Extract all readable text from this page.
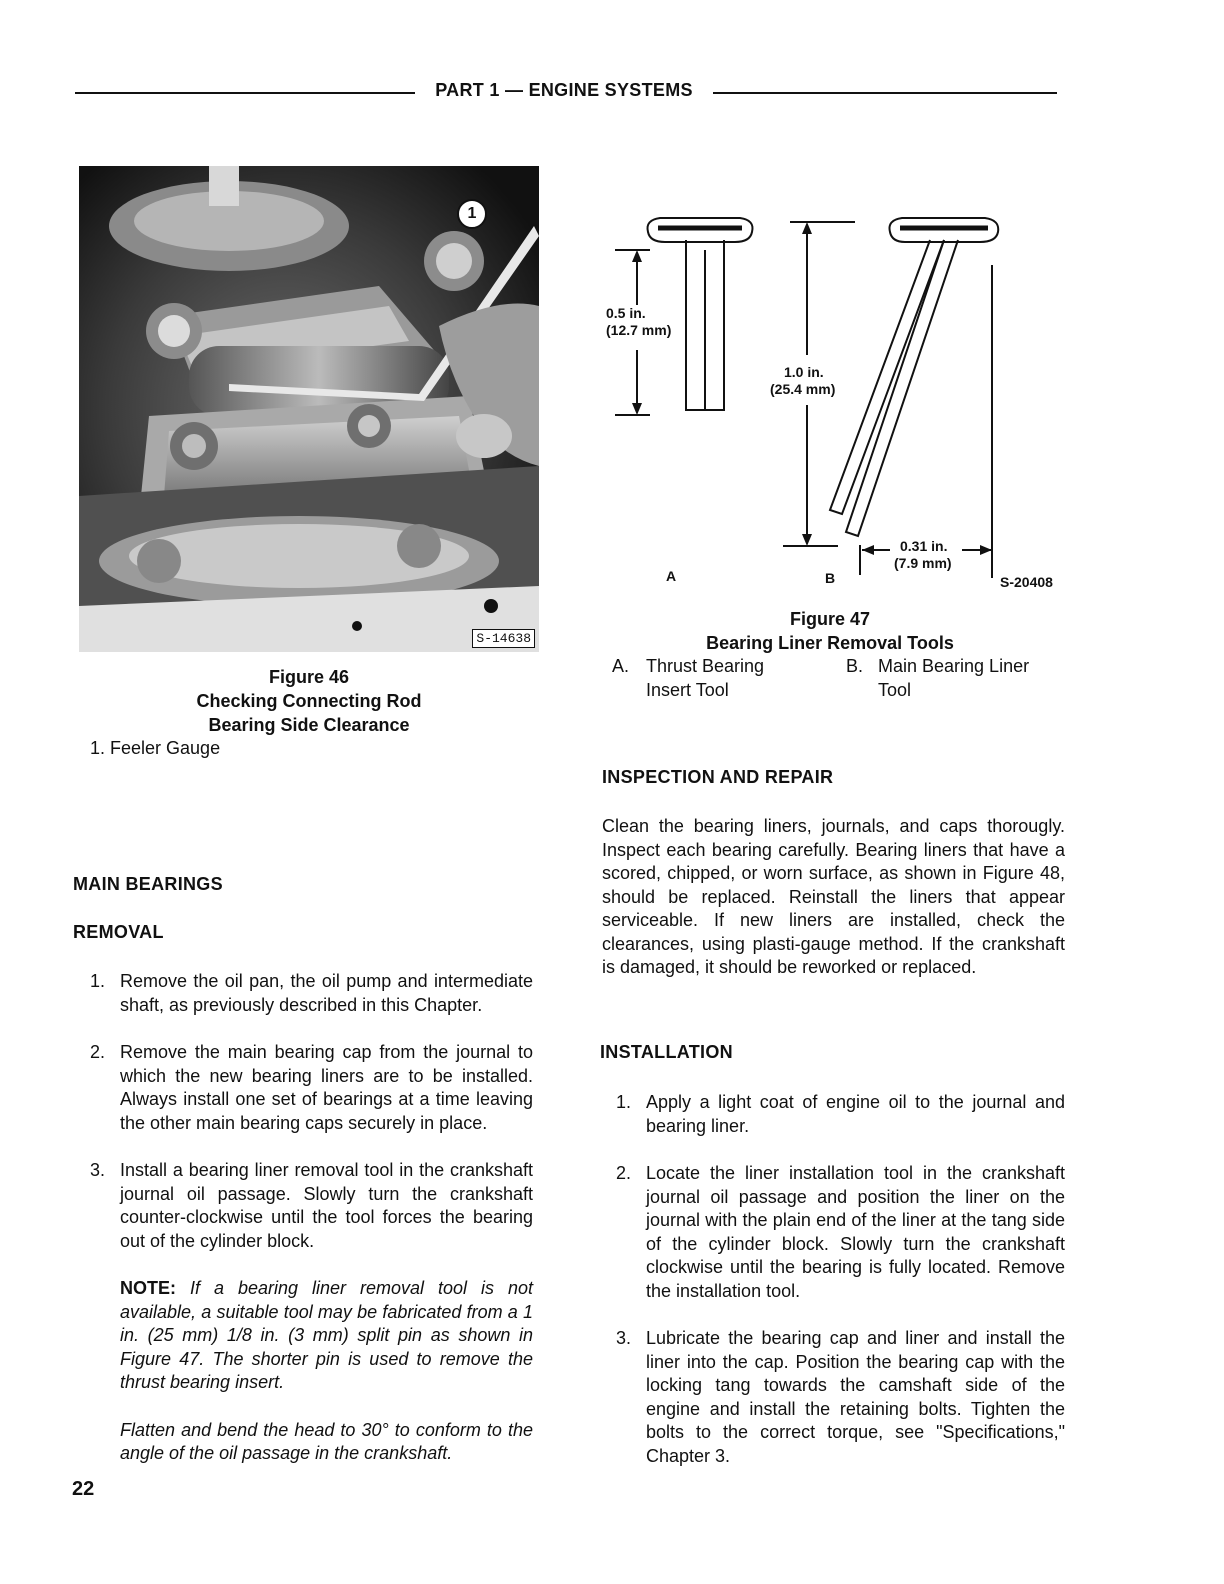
PART 1 — ENGINE SYSTEMS
1
S-14638
Figure 46
Checking Connecting Rod
Bearing Side Clearance
1. Feeler Gauge
0.5 in.
(12.7 mm)
1.0 in.
(25.4 mm)
0.31 in.
(7.9 mm)
A	B	S-20408
Figure 47
Bearing Liner Removal Tools
A. Thrust Bearing
Insert Tool
B. Main Bearing Liner
Tool
MAIN BEARINGS
REMOVAL
1. Remove the oil pan, the oil pump and intermediate shaft, as previously described in this Chapter.
2. Remove the main bearing cap from the journal to which the new bearing liners are to be installed. Always install one set of bearings at a time leaving the other main bearing caps securely in place.
3. Install a bearing liner removal tool in the crankshaft journal oil passage. Slowly turn the crankshaft counter-clockwise until the tool forces the bearing out of the cylinder block.
NOTE: If a bearing liner removal tool is not available, a suitable tool may be fabricated from a 1 in. (25 mm) 1/8 in. (3 mm) split pin as shown in Figure 47. The shorter pin is used to remove the thrust bearing insert.
Flatten and bend the head to 30° to conform to the angle of the oil passage in the crankshaft.
INSPECTION AND REPAIR
Clean the bearing liners, journals, and caps thorougly. Inspect each bearing carefully. Bearing liners that have a scored, chipped, or worn surface, as shown in Figure 48, should be replaced. Reinstall the liners that appear serviceable. If new liners are installed, check the clearances, using plasti-gauge method. If the crankshaft is damaged, it should be reworked or replaced.
INSTALLATION
1. Apply a light coat of engine oil to the journal and bearing liner.
2. Locate the liner installation tool in the crankshaft journal oil passage and position the liner on the journal with the plain end of the liner at the tang side of the cylinder block. Slowly turn the crankshaft clockwise until the bearing is fully located. Remove the installation tool.
3. Lubricate the bearing cap and liner and install the liner into the cap. Position the bearing cap with the locking tang towards the camshaft side of the engine and install the retaining bolts. Tighten the bolts to the correct torque, see "Specifications," Chapter 3.
22
